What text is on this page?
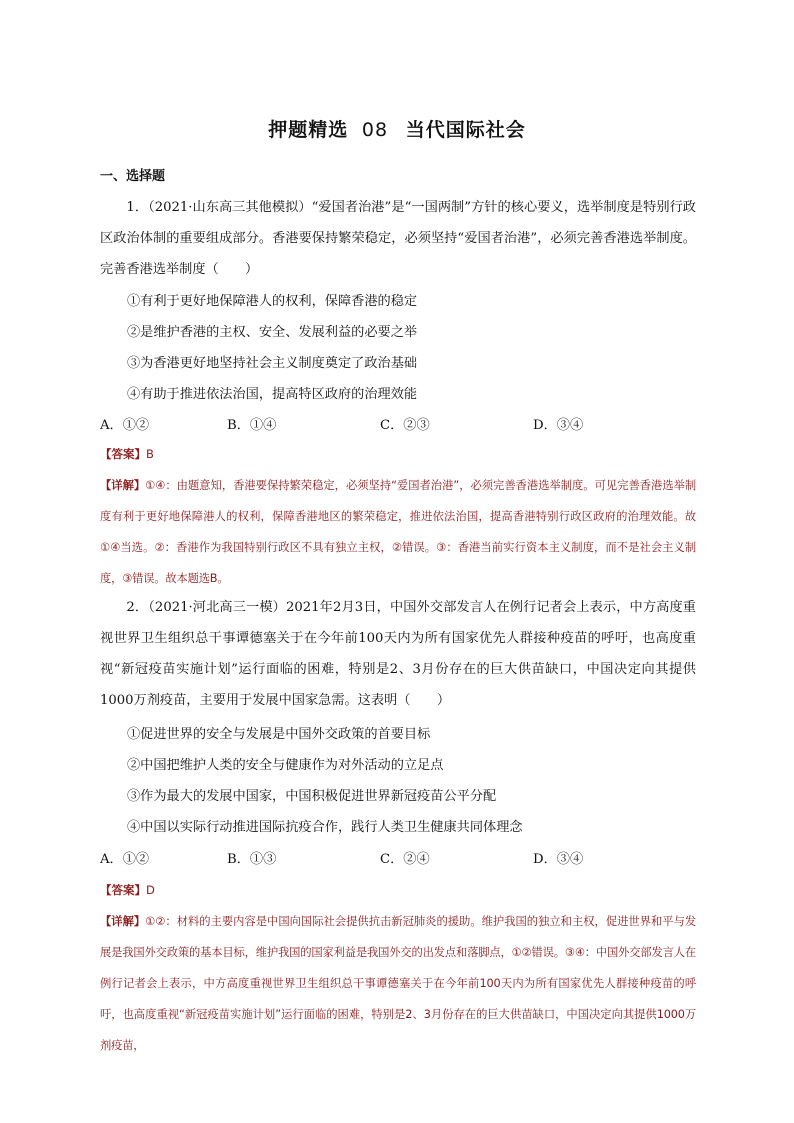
押题精选 08 当代国际社会
一、选择题
1．（2021·山东高三其他模拟）“爱国者治港”是“一国两制”方针的核心要义，选举制度是特别行政区政治体制的重要组成部分。香港要保持繁荣稳定，必须坚持“爱国者治港”，必须完善香港选举制度。完善香港选举制度（　　）
①有利于更好地保障港人的权利，保障香港的稳定
②是维护香港的主权、安全、发展利益的必要之举
③为香港更好地坚持社会主义制度奠定了政治基础
④有助于推进依法治国，提高特区政府的治理效能
A．①②	B．①④	C．②③	D．③④
【答案】B
【详解】①④：由题意知，香港要保持繁荣稳定，必须坚持“爱国者治港”，必须完善香港选举制度。可见完善香港选举制度有利于更好地保障港人的权利，保障香港地区的繁荣稳定，推进依法治国，提高香港特别行政区政府的治理效能。故①④当选。②：香港作为我国特别行政区不具有独立主权，②错误。③：香港当前实行资本主义制度，而不是社会主义制度，③错误。故本题选B。
2．（2021·河北高三一模）2021年2月3日，中国外交部发言人在例行记者会上表示，中方高度重视世界卫生组织总干事谭德塞关于在今年前100天内为所有国家优先人群接种疫苗的呼吁，也高度重视“新冠疫苗实施计划”运行面临的困难，特别是2、3月份存在的巨大供苗缺口，中国决定向其提供1000万剂疫苗，主要用于发展中国家急需。这表明（　　）
①促进世界的安全与发展是中国外交政策的首要目标
②中国把维护人类的安全与健康作为对外活动的立足点
③作为最大的发展中国家，中国积极促进世界新冠疫苗公平分配
④中国以实际行动推进国际抗疫合作，践行人类卫生健康共同体理念
A．①②	B．①③	C．②④	D．③④
【答案】D
【详解】①②：材料的主要内容是中国向国际社会提供抗击新冠肺炎的援助。维护我国的独立和主权，促进世界和平与发展是我国外交政策的基本目标，维护我国的国家利益是我国外交的出发点和落脚点，①②错误。③④：中国外交部发言人在例行记者会上表示，中方高度重视世界卫生组织总干事谭德塞关于在今年前100天内为所有国家优先人群接种疫苗的呼吁，也高度重视“新冠疫苗实施计划”运行面临的困难，特别是2、3月份存在的巨大供苗缺口，中国决定向其提供1000万剂疫苗，
